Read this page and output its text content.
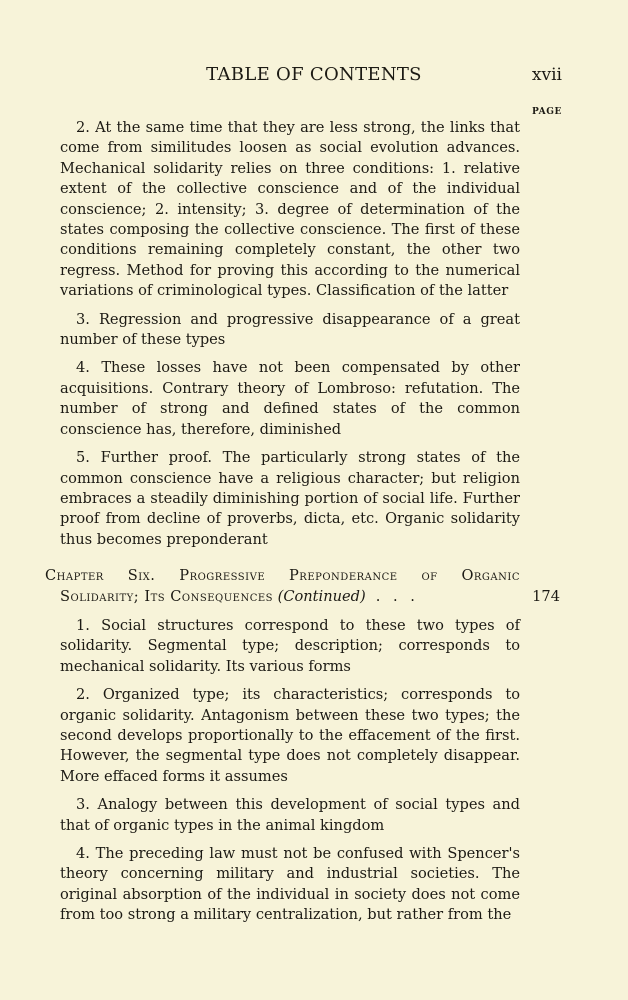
TABLE OF CONTENTS	xvii
PAGE

2. At the same time that they are less strong, the links that come from similitudes loosen as social evolution advances. Mechanical solidarity relies on three conditions: 1. relative extent of the collective conscience and of the individual conscience; 2. intensity; 3. degree of determination of the states composing the collective conscience. The first of these conditions remaining completely constant, the other two regress. Method for proving this according to the numerical variations of criminological types. Classification of the latter

3. Regression and progressive disappearance of a great number of these types

4. These losses have not been compensated by other acquisitions. Contrary theory of Lombroso: refutation. The number of strong and defined states of the common conscience has, therefore, diminished

5. Further proof. The particularly strong states of the common conscience have a religious character; but religion embraces a steadily diminishing portion of social life. Further proof from decline of proverbs, dicta, etc. Organic solidarity thus becomes preponderant

Chapter Six. Progressive Preponderance of Organic
Solidarity; Its Consequences (Continued) . . .	174

1. Social structures correspond to these two types of solidarity. Segmental type; description; corresponds to mechanical solidarity. Its various forms

2. Organized type; its characteristics; corresponds to organic solidarity. Antagonism between these two types; the second develops proportionally to the effacement of the first. However, the segmental type does not completely disappear. More effaced forms it assumes

3. Analogy between this development of social types and that of organic types in the animal kingdom

4. The preceding law must not be confused with Spencer's theory concerning military and industrial societies. The original absorption of the individual in society does not come from too strong a military centralization, but rather from the
